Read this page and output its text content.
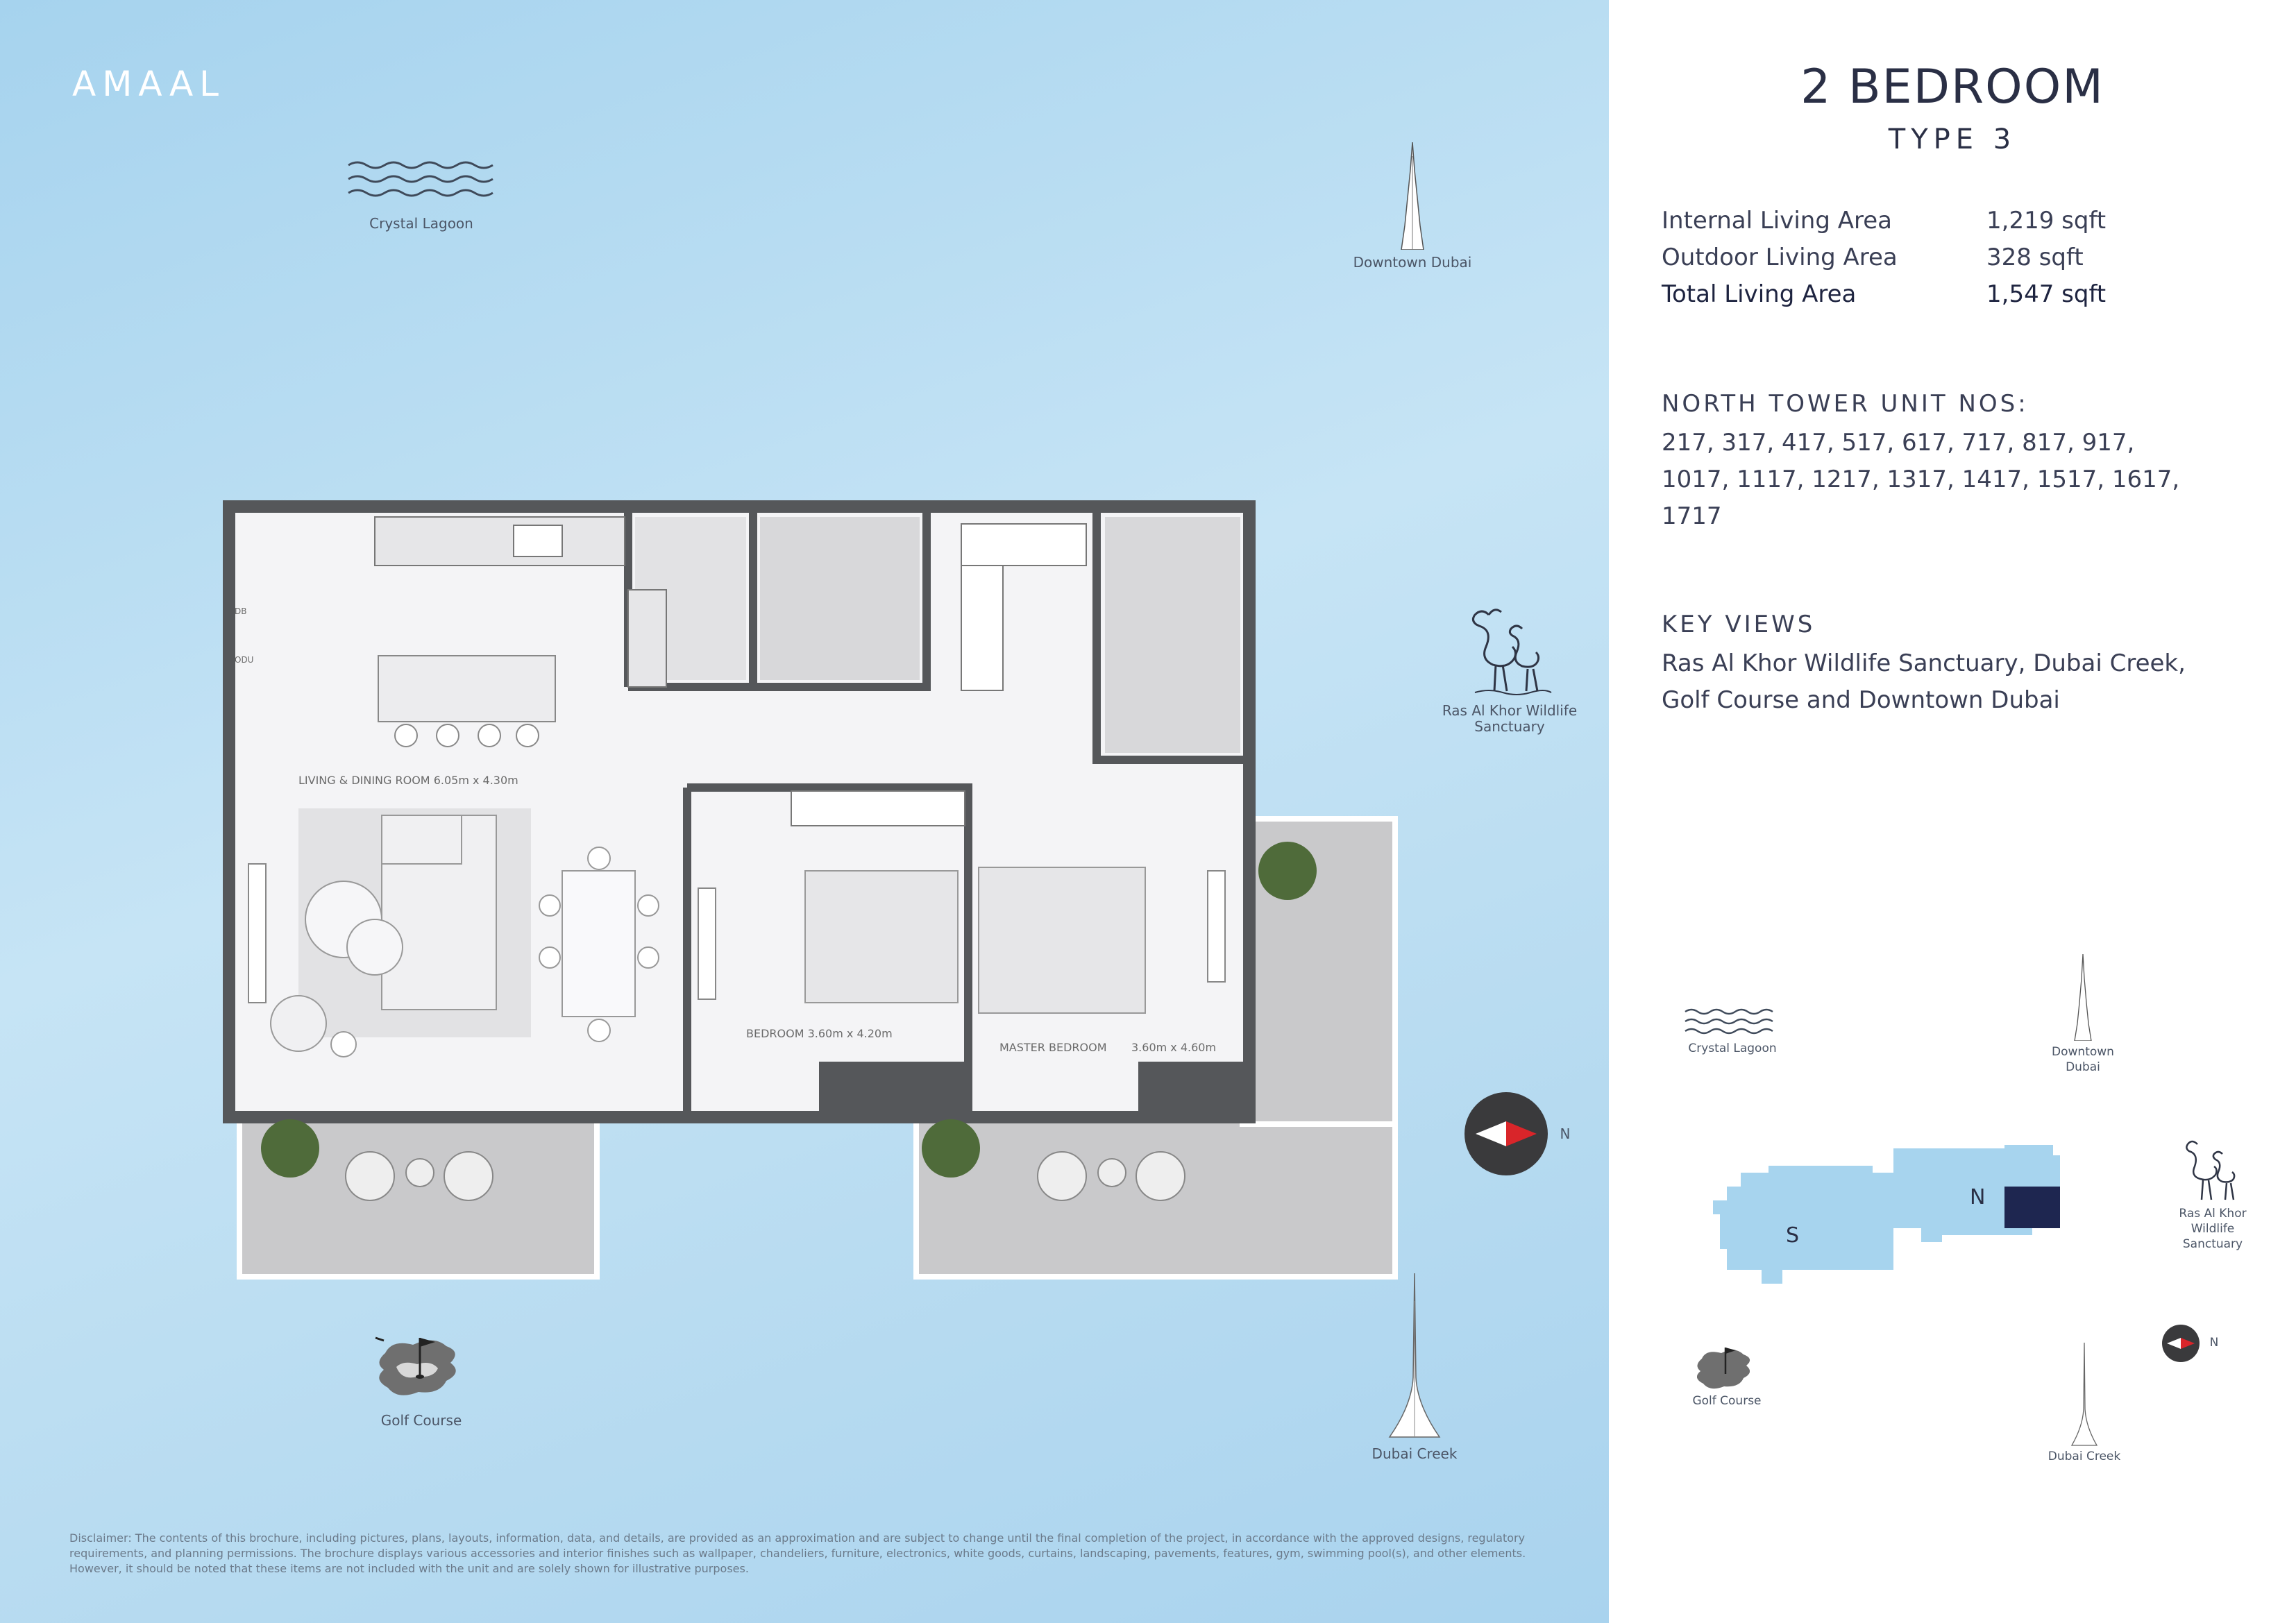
AMAAL
Crystal Lagoon
Downtown Dubai
Ras Al Khor Wildlife
Sanctuary
Golf Course
Dubai Creek
LIVING & DINING ROOM 6.05m x 4.30m
BEDROOM 3.60m x 4.20m
MASTER BEDROOM 3.60m x 4.60m
DB
ODU
N
Disclaimer: The contents of this brochure, including pictures, plans, layouts, information, data, and details, are provided as an approximation and are subject to change until the final completion of the project, in accordance with the approved designs, regulatory
requirements, and planning permissions. The brochure displays various accessories and interior finishes such as wallpaper, chandeliers, furniture, electronics, white goods, curtains, landscaping, pavements, features, gym, swimming pool(s), and other elements.
However, it should be noted that these items are not included with the unit and are solely shown for illustrative purposes.
2 BEDROOM
TYPE 3
Internal Living Area	1,219 sqft
Outdoor Living Area	328 sqft
Total Living Area	1,547 sqft
NORTH TOWER UNIT NOS:
217, 317, 417, 517, 617, 717, 817, 917,
1017, 1117, 1217, 1317, 1417, 1517, 1617,
1717
KEY VIEWS
Ras Al Khor Wildlife Sanctuary, Dubai Creek,
Golf Course and Downtown Dubai
Crystal Lagoon	Downtown
Dubai
Ras Al Khor
Wildlife
Sanctuary
S
N
Golf Course
Dubai Creek
N
